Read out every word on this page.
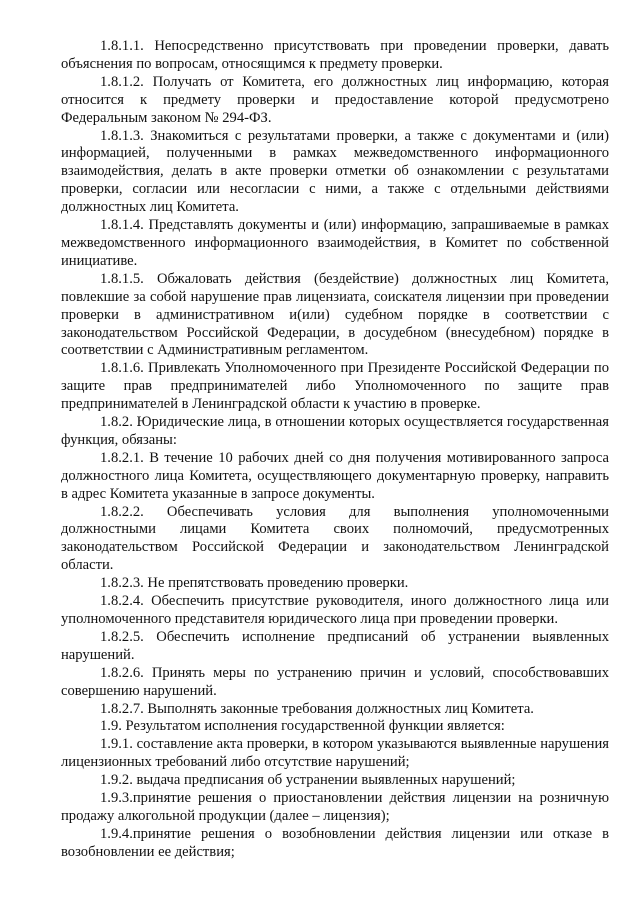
1.8.1.1. Непосредственно присутствовать при проведении проверки, давать объяснения по вопросам, относящимся к предмету проверки.

1.8.1.2. Получать от Комитета, его должностных лиц информацию, которая относится к предмету проверки и предоставление которой предусмотрено Федеральным законом № 294-ФЗ.

1.8.1.3. Знакомиться с результатами проверки, а также с документами и (или) информацией, полученными в рамках межведомственного информационного взаимодействия, делать в акте проверки отметки об ознакомлении с результатами проверки, согласии или несогласии с ними, а также с отдельными действиями должностных лиц Комитета.

1.8.1.4. Представлять документы и (или) информацию, запрашиваемые в рамках межведомственного информационного взаимодействия, в Комитет по собственной инициативе.

1.8.1.5. Обжаловать действия (бездействие) должностных лиц Комитета, повлекшие за собой нарушение прав лицензиата, соискателя лицензии при проведении проверки в административном и(или) судебном порядке в соответствии с законодательством Российской Федерации, в досудебном (внесудебном) порядке в соответствии с Административным регламентом.

1.8.1.6. Привлекать Уполномоченного при Президенте Российской Федерации по защите прав предпринимателей либо Уполномоченного по защите прав предпринимателей в Ленинградской области к участию в проверке.

1.8.2. Юридические лица, в отношении которых осуществляется государственная функция, обязаны:

1.8.2.1. В течение 10 рабочих дней со дня получения мотивированного запроса должностного лица Комитета, осуществляющего документарную проверку, направить в адрес Комитета указанные в запросе документы.

1.8.2.2. Обеспечивать условия для выполнения уполномоченными должностными лицами Комитета своих полномочий, предусмотренных законодательством Российской Федерации и законодательством Ленинградской области.

1.8.2.3. Не препятствовать проведению проверки.

1.8.2.4. Обеспечить присутствие руководителя, иного должностного лица или уполномоченного представителя юридического лица при проведении проверки.

1.8.2.5. Обеспечить исполнение предписаний об устранении выявленных нарушений.

1.8.2.6. Принять меры по устранению причин и условий, способствовавших совершению нарушений.

1.8.2.7. Выполнять законные требования должностных лиц Комитета.

1.9. Результатом исполнения государственной функции является:

1.9.1. составление акта проверки, в котором указываются выявленные нарушения лицензионных требований либо отсутствие нарушений;

1.9.2. выдача предписания об устранении выявленных нарушений;

1.9.3.принятие решения о приостановлении действия лицензии на розничную продажу алкогольной продукции (далее – лицензия);

1.9.4.принятие решения о возобновлении действия лицензии или отказе в возобновлении ее действия;
